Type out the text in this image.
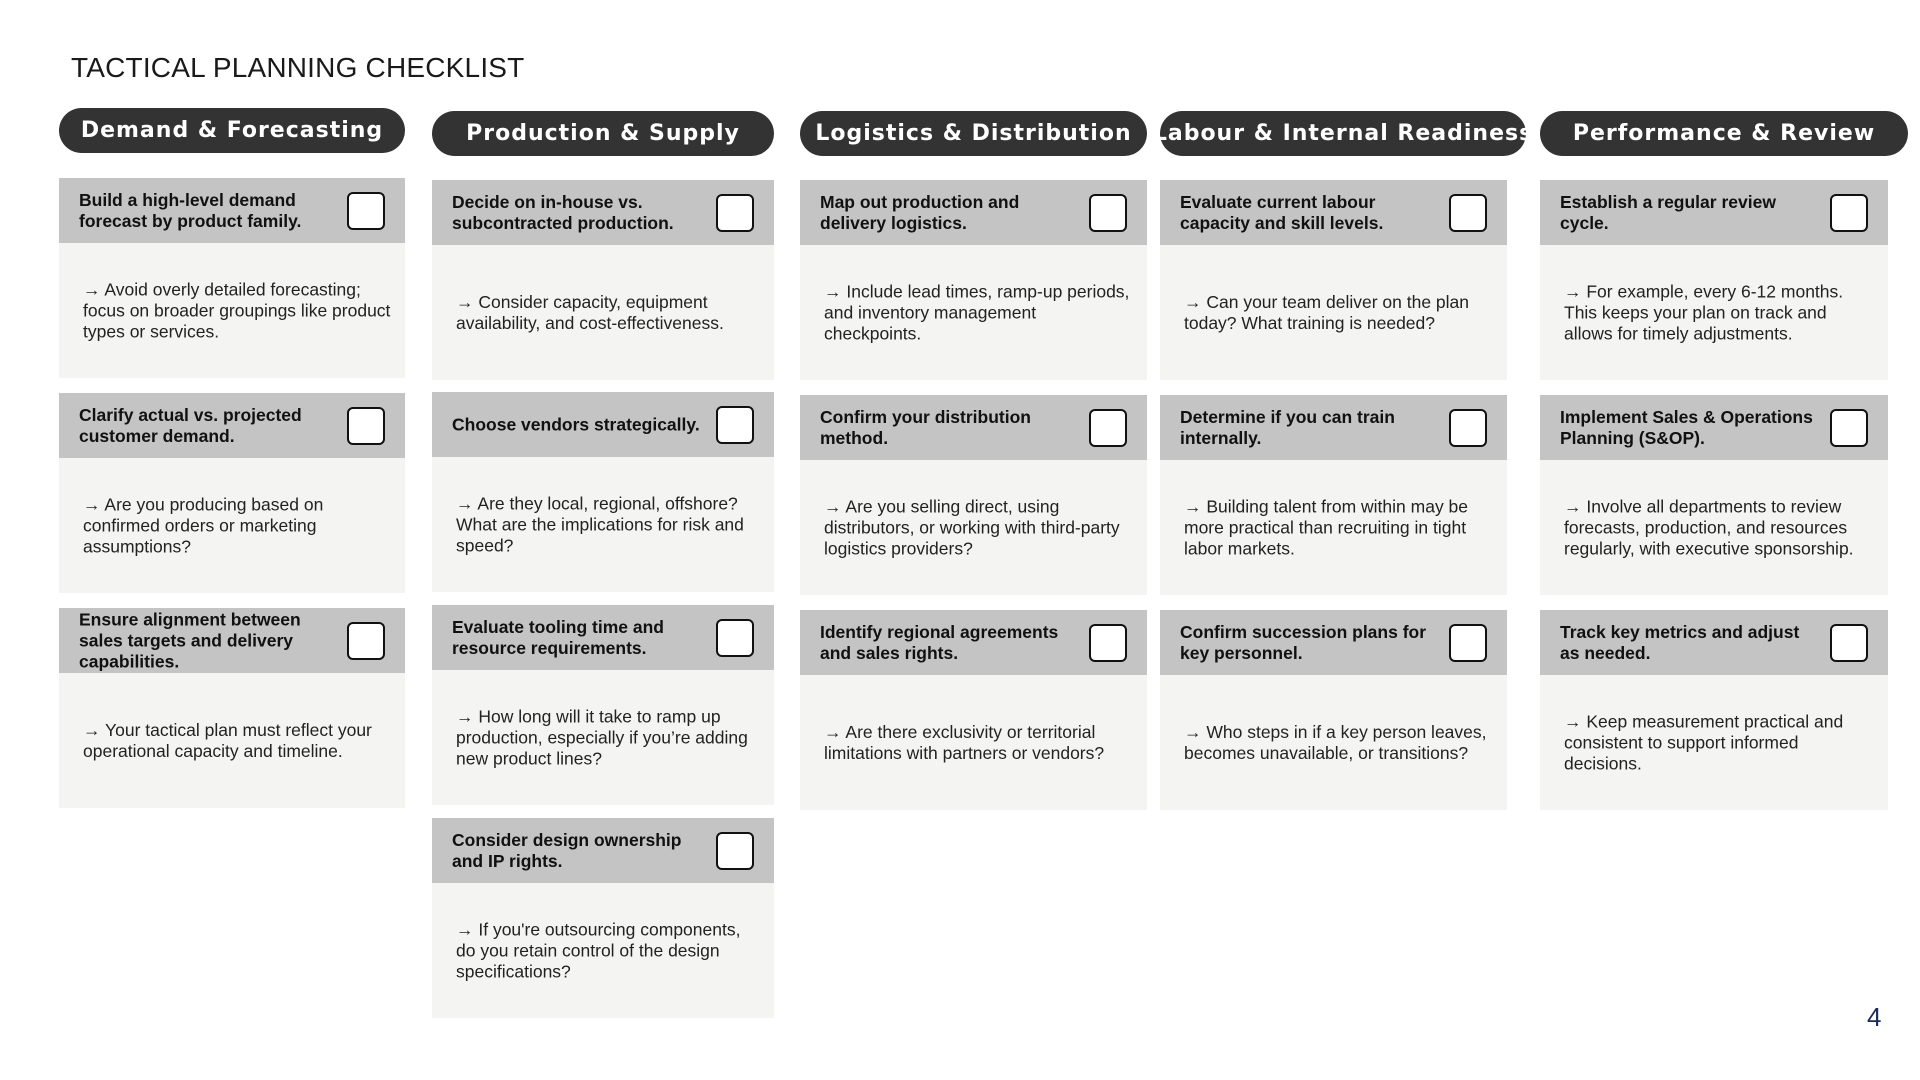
TACTICAL PLANNING CHECKLIST
Demand & Forecasting
Build a high-level demand forecast by product family.
→ Avoid overly detailed forecasting; focus on broader groupings like product types or services.
Clarify actual vs. projected customer demand.
→ Are you producing based on confirmed orders or marketing assumptions?
Ensure alignment between sales targets and delivery capabilities.
→ Your tactical plan must reflect your operational capacity and timeline.
Production & Supply
Decide on in-house vs. subcontracted production.
→ Consider capacity, equipment availability, and cost-effectiveness.
Choose vendors strategically.
→ Are they local, regional, offshore? What are the implications for risk and speed?
Evaluate tooling time and resource requirements.
→ How long will it take to ramp up production, especially if you’re adding new product lines?
Consider design ownership and IP rights.
→ If you're outsourcing components, do you retain control of the design specifications?
Logistics & Distribution
Map out production and delivery logistics.
→ Include lead times, ramp-up periods, and inventory management checkpoints.
Confirm your distribution method.
→ Are you selling direct, using distributors, or working with third-party logistics providers?
Identify regional agreements and sales rights.
→ Are there exclusivity or territorial limitations with partners or vendors?
Labour & Internal Readiness
Evaluate current labour capacity and skill levels.
→ Can your team deliver on the plan today? What training is needed?
Determine if you can train internally.
→ Building talent from within may be more practical than recruiting in tight labor markets.
Confirm succession plans for key personnel.
→ Who steps in if a key person leaves, becomes unavailable, or transitions?
Performance & Review
Establish a regular review cycle.
→ For example, every 6-12 months. This keeps your plan on track and allows for timely adjustments.
Implement Sales & Operations Planning (S&OP).
→ Involve all departments to review forecasts, production, and resources regularly, with executive sponsorship.
Track key metrics and adjust as needed.
→ Keep measurement practical and consistent to support informed decisions.
4
